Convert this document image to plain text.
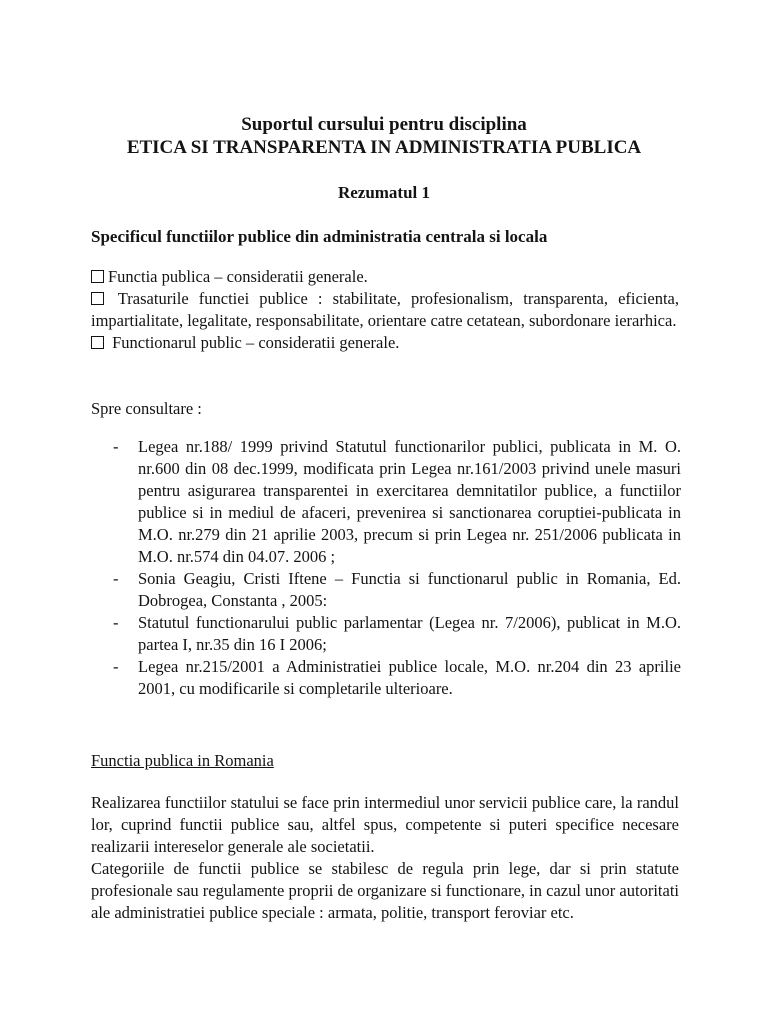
Suportul cursului pentru disciplina
ETICA SI TRANSPARENTA IN ADMINISTRATIA PUBLICA
Rezumatul 1
Specificul functiilor publice din administratia centrala si locala

Functia publica – consideratii generale.

Trasaturile functiei publice : stabilitate, profesionalism, transparenta, eficienta, impartialitate, legalitate, responsabilitate, orientare catre cetatean, subordonare ierarhica.

Functionarul public – consideratii generale.

Spre consultare :

- Legea nr.188/ 1999 privind Statutul functionarilor publici, publicata in M. O. nr.600 din 08 dec.1999, modificata prin Legea nr.161/2003 privind unele masuri pentru asigurarea transparentei in exercitarea demnitatilor publice, a functiilor publice si in mediul de afaceri, prevenirea si sanctionarea coruptiei-publicata in M.O. nr.279 din 21 aprilie 2003, precum si prin Legea nr. 251/2006 publicata in M.O. nr.574 din 04.07. 2006 ;
- Sonia Geagiu, Cristi Iftene – Functia si functionarul public in Romania, Ed. Dobrogea, Constanta , 2005:
- Statutul functionarului public parlamentar (Legea nr. 7/2006), publicat in M.O. partea I, nr.35 din 16 I 2006;
- Legea nr.215/2001 a Administratiei publice locale, M.O. nr.204 din 23 aprilie 2001, cu modificarile si completarile ulterioare.

Functia publica in Romania

Realizarea functiilor statului se face prin intermediul unor servicii publice care, la randul lor, cuprind functii publice sau, altfel spus, competente si puteri specifice necesare realizarii intereselor generale ale societatii.

Categoriile de functii publice se stabilesc de regula prin lege, dar si prin statute profesionale sau regulamente proprii de organizare si functionare, in cazul unor autoritati ale administratiei publice speciale : armata, politie, transport feroviar etc.
